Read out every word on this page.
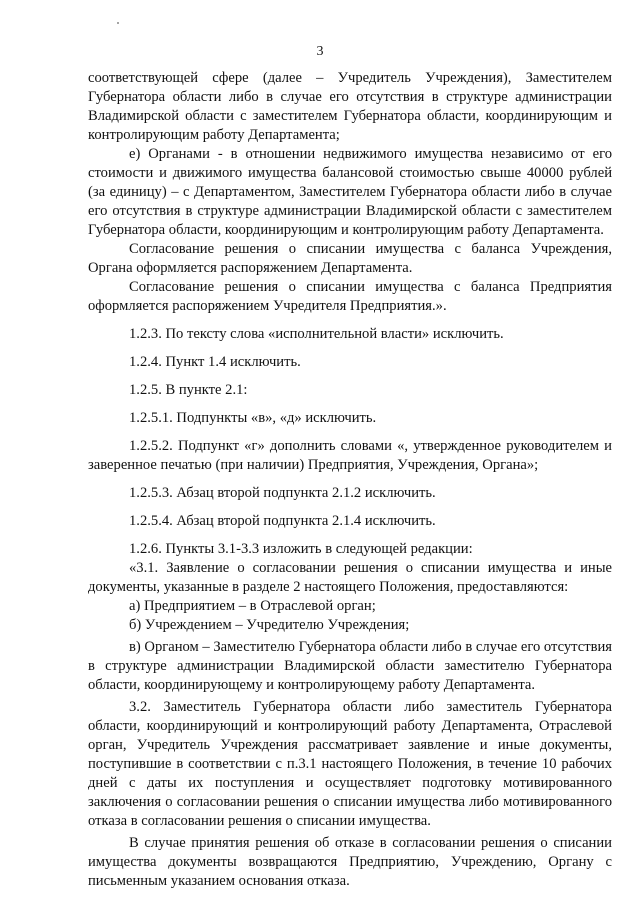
3

соответствующей сфере (далее – Учредитель Учреждения), Заместителем Губернатора области либо в случае его отсутствия в структуре администрации Владимирской области с заместителем Губернатора области, координирующим и контролирующим работу Департамента;

е) Органами - в отношении недвижимого имущества независимо от его стоимости и движимого имущества балансовой стоимостью свыше 40000 рублей (за единицу) – с Департаментом, Заместителем Губернатора области либо в случае его отсутствия в структуре администрации Владимирской области с заместителем Губернатора области, координирующим и контролирующим работу Департамента.

Согласование решения о списании имущества с баланса Учреждения, Органа оформляется распоряжением Департамента.

Согласование решения о списании имущества с баланса Предприятия оформляется распоряжением Учредителя Предприятия.».

1.2.3. По тексту слова «исполнительной власти» исключить.

1.2.4. Пункт 1.4 исключить.

1.2.5. В пункте 2.1:

1.2.5.1. Подпункты «в», «д» исключить.

1.2.5.2. Подпункт «г» дополнить словами «, утвержденное руководителем и заверенное печатью (при наличии) Предприятия, Учреждения, Органа»;

1.2.5.3. Абзац второй подпункта 2.1.2 исключить.

1.2.5.4. Абзац второй подпункта 2.1.4 исключить.

1.2.6. Пункты 3.1-3.3 изложить в следующей редакции:

«3.1. Заявление о согласовании решения о списании имущества и иные документы, указанные в разделе 2 настоящего Положения, предоставляются:

а) Предприятием – в Отраслевой орган;

б) Учреждением – Учредителю Учреждения;

в) Органом – Заместителю Губернатора области либо в случае его отсутствия в структуре администрации Владимирской области заместителю Губернатора области, координирующему и контролирующему работу Департамента.

3.2. Заместитель Губернатора области либо заместитель Губернатора области, координирующий и контролирующий работу Департамента, Отраслевой орган, Учредитель Учреждения рассматривает заявление и иные документы, поступившие в соответствии с п.3.1 настоящего Положения, в течение 10 рабочих дней с даты их поступления и осуществляет подготовку мотивированного заключения о согласовании решения о списании имущества либо мотивированного отказа в согласовании решения о списании имущества.

В случае принятия решения об отказе в согласовании решения о списании имущества документы возвращаются Предприятию, Учреждению, Органу с письменным указанием основания отказа.
